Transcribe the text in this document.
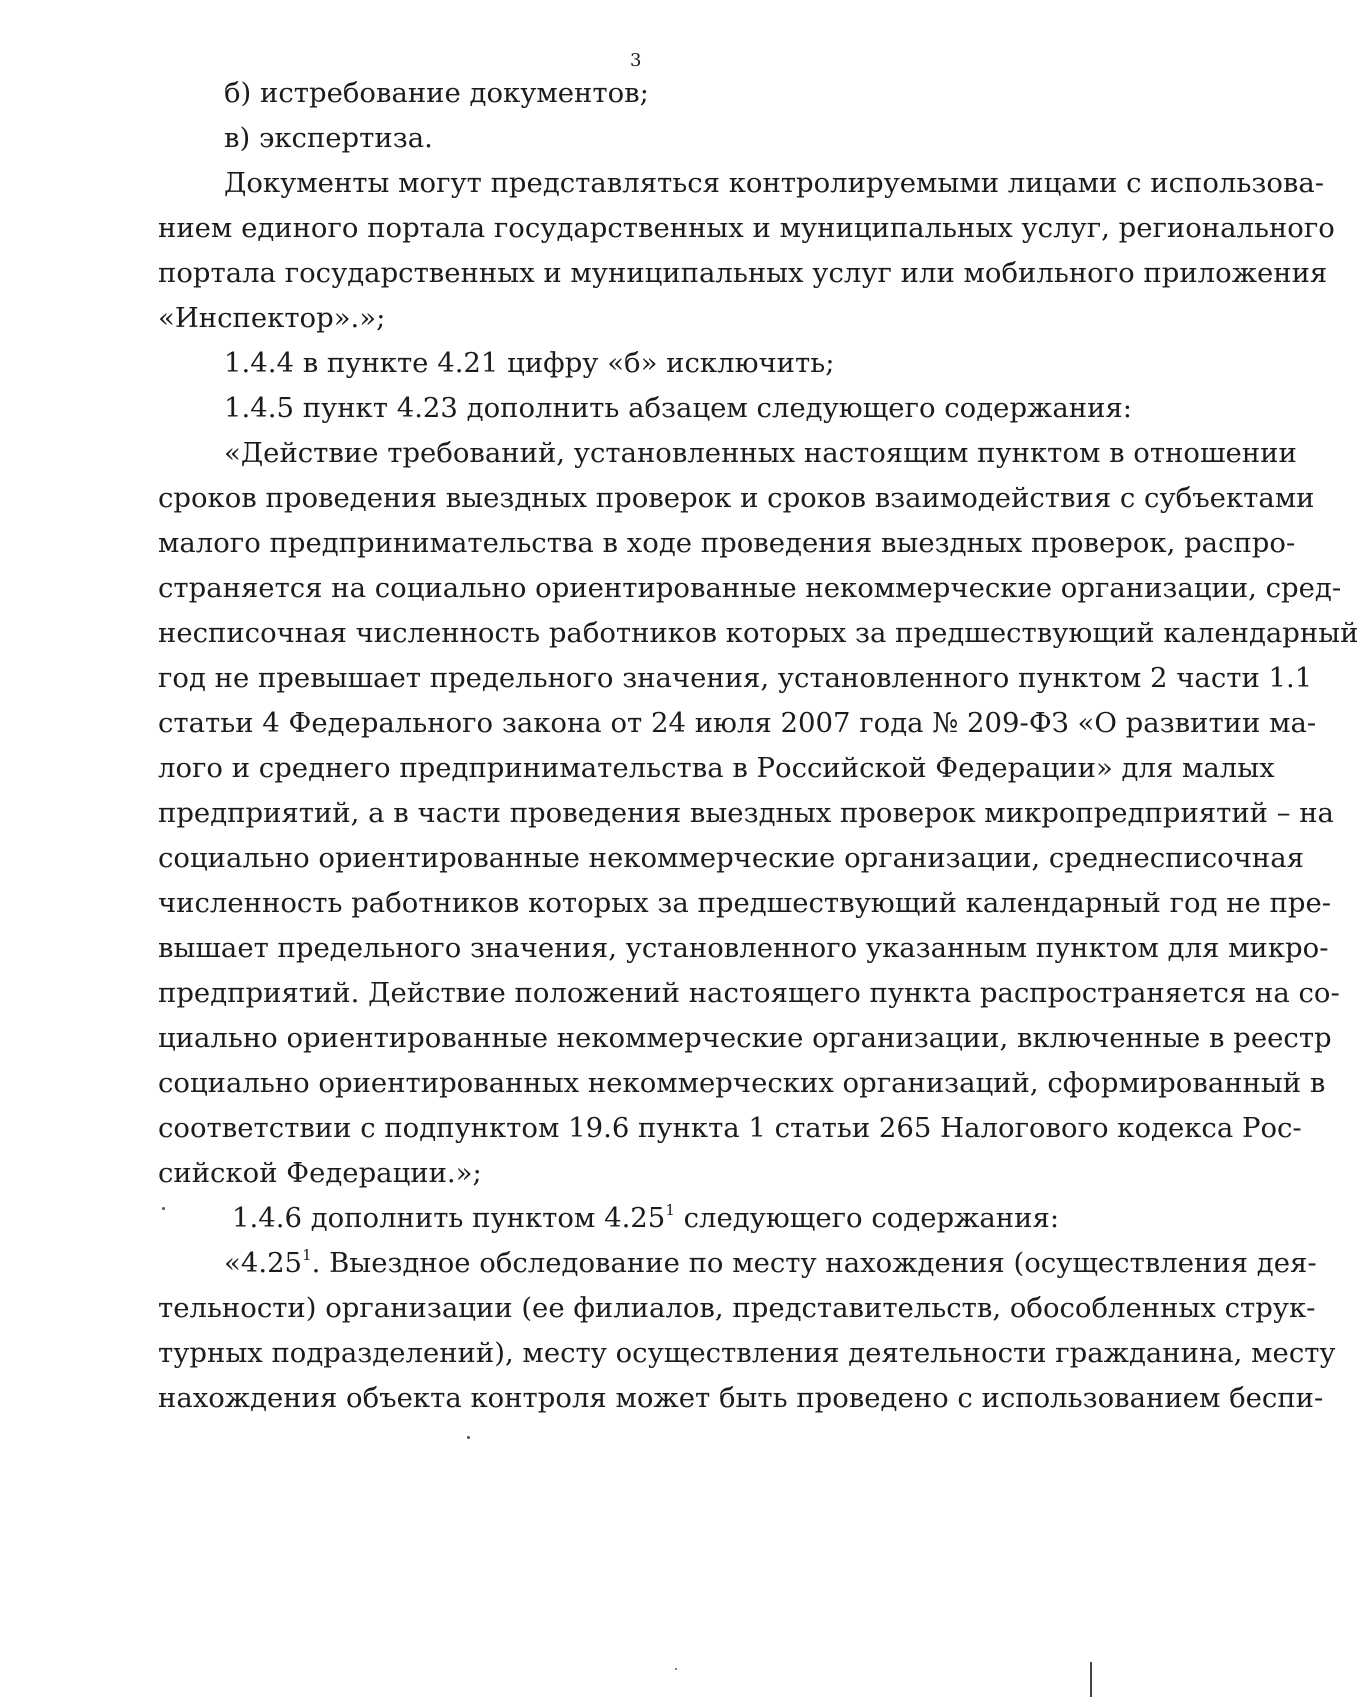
3

б) истребование документов;

в) экспертиза.

Документы могут представляться контролируемыми лицами с использова-

нием единого портала государственных и муниципальных услуг, регионального

портала государственных и муниципальных услуг или мобильного приложения

«Инспектор».»;

1.4.4 в пункте 4.21 цифру «б» исключить;

1.4.5 пункт 4.23 дополнить абзацем следующего содержания:

«Действие требований, установленных настоящим пунктом в отношении

сроков проведения выездных проверок и сроков взаимодействия с субъектами

малого предпринимательства в ходе проведения выездных проверок, распро-

страняется на социально ориентированные некоммерческие организации, сред-

несписочная численность работников которых за предшествующий календарный

год не превышает предельного значения, установленного пунктом 2 части 1.1

статьи 4 Федерального закона от 24 июля 2007 года № 209-ФЗ «О развитии ма-

лого и среднего предпринимательства в Российской Федерации» для малых

предприятий, а в части проведения выездных проверок микропредприятий – на

социально ориентированные некоммерческие организации, среднесписочная

численность работников которых за предшествующий календарный год не пре-

вышает предельного значения, установленного указанным пунктом для микро-

предприятий. Действие положений настоящего пункта распространяется на со-

циально ориентированные некоммерческие организации, включенные в реестр

социально ориентированных некоммерческих организаций, сформированный в

соответствии с подпунктом 19.6 пункта 1 статьи 265 Налогового кодекса Рос-

сийской Федерации.»;

1.4.6 дополнить пунктом 4.25$^1$ следующего содержания:

«4.25$^1$. Выездное обследование по месту нахождения (осуществления дея-

тельности) организации (ее филиалов, представительств, обособленных струк-

турных подразделений), месту осуществления деятельности гражданина, месту

нахождения объекта контроля может быть проведено с использованием беспи-
